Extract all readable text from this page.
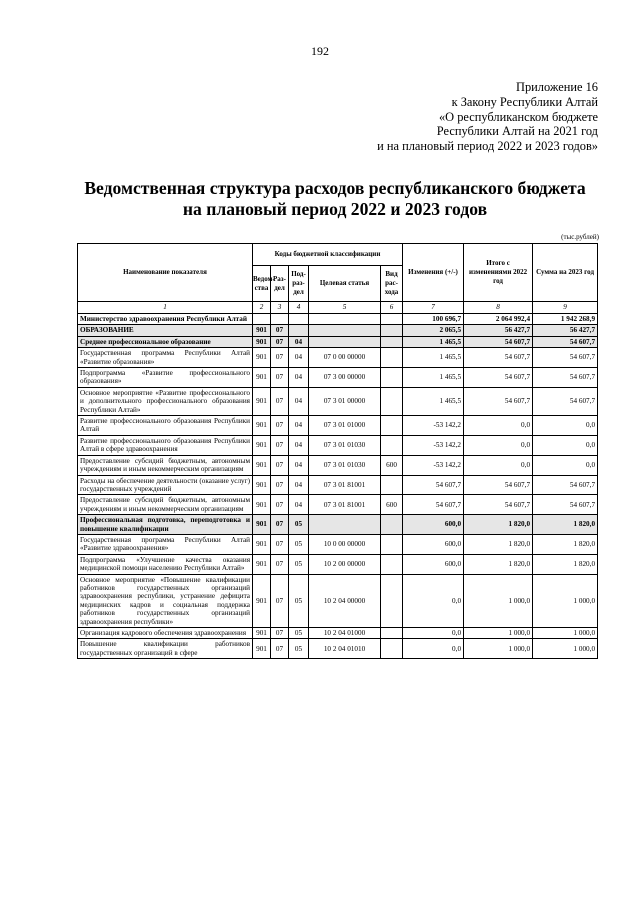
192
Приложение 16
к Закону Республики Алтай
«О республиканском бюджете
Республики Алтай на 2021 год
и на плановый период 2022 и 2023 годов»
Ведомственная структура расходов республиканского бюджета
на плановый период 2022 и 2023 годов
(тыс.рублей)
Наименование показателя	Коды бюджетной классификации					Изменения (+/-)	Итого с изменениями 2022 год	Сумма на 2023 год
	Ведом-ства	Раз-дел	Под-раз-дел	Целевая статья	Вид рас-хода			
1	2	3	4	5	6	7	8	9
Министерство здравоохранения Республики Алтай						100 696,7	2 064 992,4	1 942 268,9
ОБРАЗОВАНИЕ	901	07				2 065,5	56 427,7	56 427,7
Среднее профессиональное образование	901	07	04			1 465,5	54 607,7	54 607,7
Государственная программа Республики Алтай «Развитие образования»	901	07	04	07 0 00 00000		1 465,5	54 607,7	54 607,7
Подпрограмма «Развитие профессионального образования»	901	07	04	07 3 00 00000		1 465,5	54 607,7	54 607,7
Основное мероприятие «Развитие профессионального и дополнительного профессионального образования Республики Алтай»	901	07	04	07 3 01 00000		1 465,5	54 607,7	54 607,7
Развитие профессионального образования Республики Алтай	901	07	04	07 3 01 01000		-53 142,2	0,0	0,0
Развитие профессионального образования Республики Алтай в сфере здравоохранения	901	07	04	07 3 01 01030		-53 142,2	0,0	0,0
Предоставление субсидий бюджетным, автономным учреждениям и иным некоммерческим организациям	901	07	04	07 3 01 01030	600	-53 142,2	0,0	0,0
Расходы на обеспечение деятельности (оказание услуг) государственных учреждений	901	07	04	07 3 01 81001		54 607,7	54 607,7	54 607,7
Предоставление субсидий бюджетным, автономным учреждениям и иным некоммерческим организациям	901	07	04	07 3 01 81001	600	54 607,7	54 607,7	54 607,7
Профессиональная подготовка, переподготовка и повышение квалификации	901	07	05			600,0	1 820,0	1 820,0
Государственная программа Республики Алтай «Развитие здравоохранения»	901	07	05	10 0 00 00000		600,0	1 820,0	1 820,0
Подпрограмма «Улучшение качества оказания медицинской помощи населению Республики Алтай»	901	07	05	10 2 00 00000		600,0	1 820,0	1 820,0
Основное мероприятие «Повышение квалификации работников государственных организаций здравоохранения республики, устранение дефицита медицинских кадров и социальная поддержка работников государственных организаций здравоохранения республики»	901	07	05	10 2 04 00000		0,0	1 000,0	1 000,0
Организация кадрового обеспечения здравоохранения	901	07	05	10 2 04 01000		0,0	1 000,0	1 000,0
Повышение квалификации работников государственных организаций в сфере	901	07	05	10 2 04 01010		0,0	1 000,0	1 000,0
